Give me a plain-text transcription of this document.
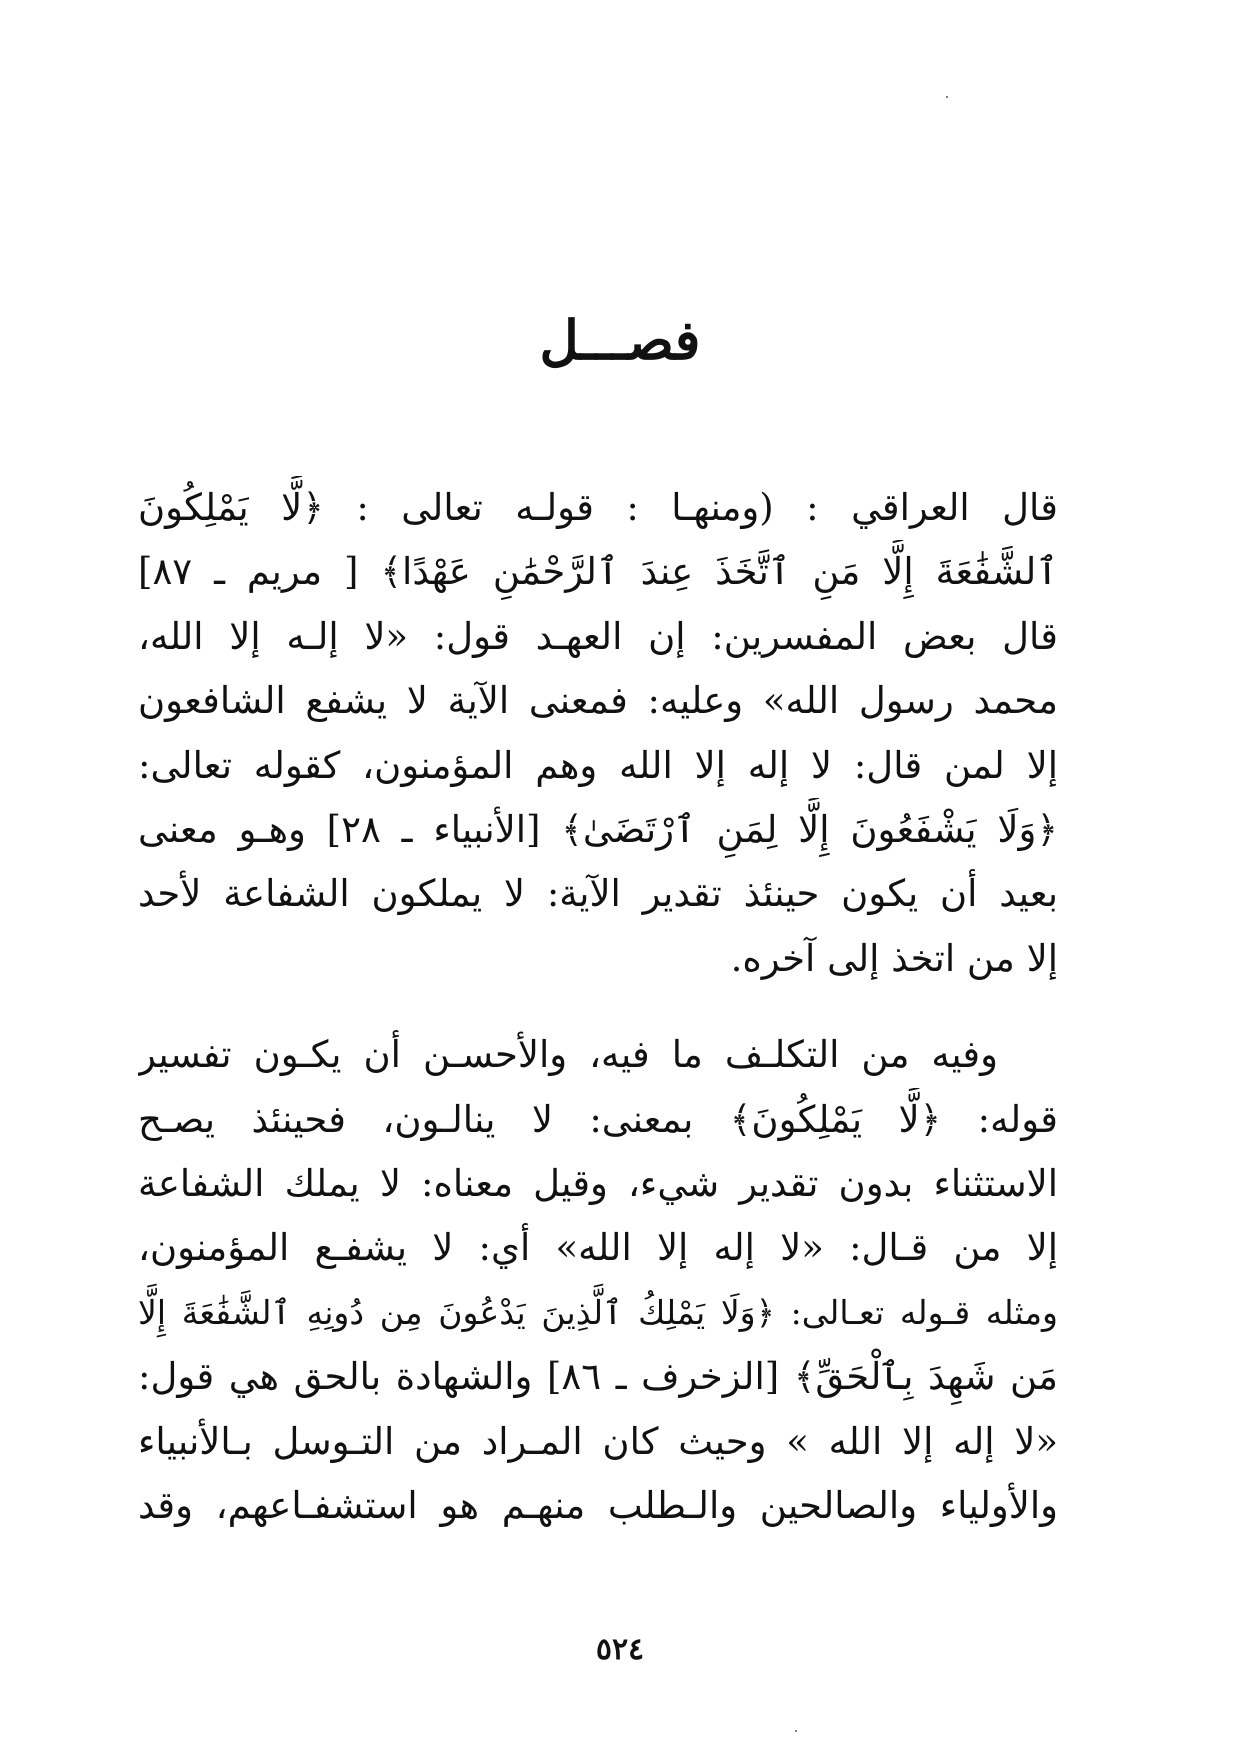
فصـــل

قال العراقي : (ومنهـا : قولـه تعالى : ﴿لَّا يَمْلِكُونَ
ٱلشَّفَٰعَةَ إِلَّا مَنِ ٱتَّخَذَ عِندَ ٱلرَّحْمَٰنِ عَهْدًا﴾ [ مريم ـ ٨٧]
قال بعض المفسرين: إن العهـد قول: «لا إلـه إلا الله،
محمد رسول الله» وعليه: فمعنى الآية لا يشفع الشافعون
إلا لمن قال: لا إله إلا الله وهم المؤمنون، كقوله تعالى:
﴿وَلَا يَشْفَعُونَ إِلَّا لِمَنِ ٱرْتَضَىٰ﴾ [الأنبياء ـ ٢٨] وهـو معنى
بعيد أن يكون حينئذ تقدير الآية: لا يملكون الشفاعة لأحد
إلا من اتخذ إلى آخره.

وفيه من التكلـف ما فيه، والأحسـن أن يكـون تفسير
قوله: ﴿لَّا يَمْلِكُونَ﴾ بمعنى: لا ينالـون، فحينئذ يصـح
الاستثناء بدون تقدير شيء، وقيل معناه: لا يملك الشفاعة
إلا من قـال: «لا إله إلا الله» أي: لا يشفـع المؤمنون،
ومثله قـوله تعـالى: ﴿وَلَا يَمْلِكُ ٱلَّذِينَ يَدْعُونَ مِن دُونِهِ ٱلشَّفَٰعَةَ إِلَّا
مَن شَهِدَ بِٱلْحَقِّ﴾ [الزخرف ـ ٨٦] والشهادة بالحق هي قول:
«لا إله إلا الله » وحيث كان المـراد من التـوسل بـالأنبياء
والأولياء والصالحين والـطلب منهـم هو استشفـاعهم، وقد

٥٢٤
